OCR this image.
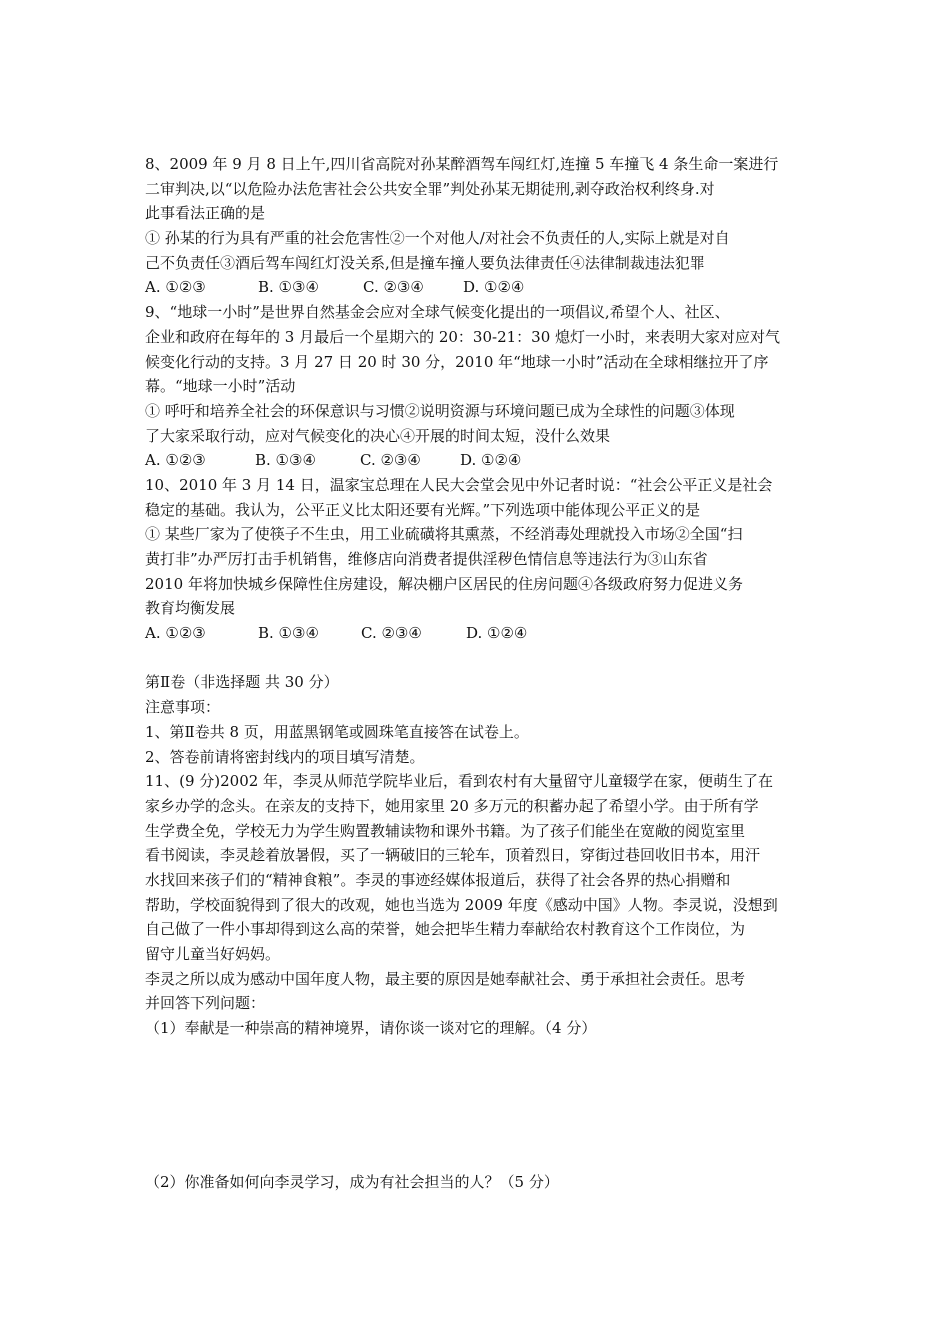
8、2009 年 9 月 8 日上午,四川省高院对孙某醉酒驾车闯红灯,连撞 5 车撞飞 4 条生命一案进行
二审判决,以“以危险办法危害社会公共安全罪”判处孙某无期徒刑,剥夺政治权利终身.对
此事看法正确的是
① 孙某的行为具有严重的社会危害性②一个对他人/对社会不负责任的人,实际上就是对自
己不负责任③酒后驾车闯红灯没关系,但是撞车撞人要负法律责任④法律制裁违法犯罪
A. ①②③	B. ①③④	C. ②③④	D. ①②④
9、“地球一小时”是世界自然基金会应对全球气候变化提出的一项倡议,希望个人、社区、
企业和政府在每年的 3 月最后一个星期六的 20：30-21：30 熄灯一小时，来表明大家对应对气
候变化行动的支持。3 月 27 日 20 时 30 分，2010 年“地球一小时”活动在全球相继拉开了序
幕。“地球一小时”活动
① 呼吁和培养全社会的环保意识与习惯②说明资源与环境问题已成为全球性的问题③体现
了大家采取行动，应对气候变化的决心④开展的时间太短，没什么效果
A. ①②③	B. ①③④	C. ②③④	D. ①②④
10、2010 年 3 月 14 日，温家宝总理在人民大会堂会见中外记者时说：“社会公平正义是社会
稳定的基础。我认为，公平正义比太阳还要有光辉。”下列选项中能体现公平正义的是
① 某些厂家为了使筷子不生虫，用工业硫磺将其熏蒸，不经消毒处理就投入市场②全国“扫
黄打非”办严厉打击手机销售，维修店向消费者提供淫秽色情信息等违法行为③山东省
2010 年将加快城乡保障性住房建设，解决棚户区居民的住房问题④各级政府努力促进义务
教育均衡发展
A. ①②③	B. ①③④	C. ②③④	D. ①②④
第Ⅱ卷（非选择题 共 30 分）
注意事项：
1、第Ⅱ卷共 8 页，用蓝黑钢笔或圆珠笔直接答在试卷上。
2、答卷前请将密封线内的项目填写清楚。
11、(9 分)2002 年，李灵从师范学院毕业后，看到农村有大量留守儿童辍学在家，便萌生了在
家乡办学的念头。在亲友的支持下，她用家里 20 多万元的积蓄办起了希望小学。由于所有学
生学费全免，学校无力为学生购置教辅读物和课外书籍。为了孩子们能坐在宽敞的阅览室里
看书阅读，李灵趁着放暑假，买了一辆破旧的三轮车，顶着烈日，穿街过巷回收旧书本，用汗
水找回来孩子们的“精神食粮”。李灵的事迹经媒体报道后，获得了社会各界的热心捐赠和
帮助，学校面貌得到了很大的改观，她也当选为 2009 年度《感动中国》人物。李灵说，没想到
自己做了一件小事却得到这么高的荣誉，她会把毕生精力奉献给农村教育这个工作岗位，为
留守儿童当好妈妈。
李灵之所以成为感动中国年度人物，最主要的原因是她奉献社会、勇于承担社会责任。思考
并回答下列问题：
（1）奉献是一种崇高的精神境界，请你谈一谈对它的理解。（4 分）
（2）你准备如何向李灵学习，成为有社会担当的人？（5 分）
